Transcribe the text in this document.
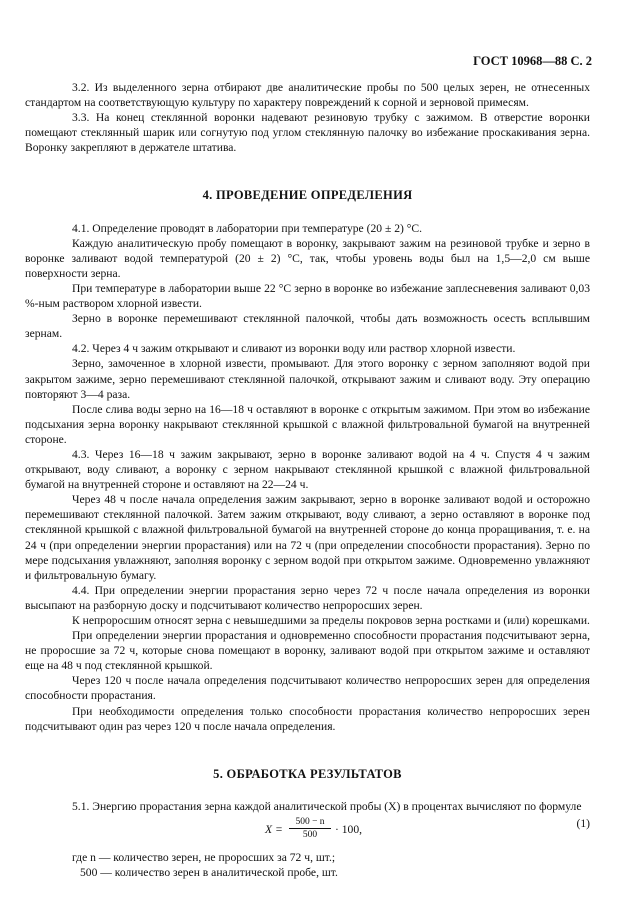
ГОСТ 10968—88 С. 2

3.2. Из выделенного зерна отбирают две аналитические пробы по 500 целых зерен, не отнесенных стандартом на соответствующую культуру по характеру повреждений к сорной и зерновой примесям.

3.3. На конец стеклянной воронки надевают резиновую трубку с зажимом. В отверстие воронки помещают стеклянный шарик или согнутую под углом стеклянную палочку во избежание проскакивания зерна. Воронку закрепляют в держателе штатива.

4. ПРОВЕДЕНИЕ ОПРЕДЕЛЕНИЯ

4.1. Определение проводят в лаборатории при температуре (20 ± 2) °С.

Каждую аналитическую пробу помещают в воронку, закрывают зажим на резиновой трубке и зерно в воронке заливают водой температурой (20 ± 2) °С, так, чтобы уровень воды был на 1,5—2,0 см выше поверхности зерна.

При температуре в лаборатории выше 22 °С зерно в воронке во избежание заплесневения заливают 0,03 %-ным раствором хлорной извести.

Зерно в воронке перемешивают стеклянной палочкой, чтобы дать возможность осесть всплывшим зернам.

4.2. Через 4 ч зажим открывают и сливают из воронки воду или раствор хлорной извести.

Зерно, замоченное в хлорной извести, промывают. Для этого воронку с зерном заполняют водой при закрытом зажиме, зерно перемешивают стеклянной палочкой, открывают зажим и сливают воду. Эту операцию повторяют 3—4 раза.

После слива воды зерно на 16—18 ч оставляют в воронке с открытым зажимом. При этом во избежание подсыхания зерна воронку накрывают стеклянной крышкой с влажной фильтровальной бумагой на внутренней стороне.

4.3. Через 16—18 ч зажим закрывают, зерно в воронке заливают водой на 4 ч. Спустя 4 ч зажим открывают, воду сливают, а воронку с зерном накрывают стеклянной крышкой с влажной фильтровальной бумагой на внутренней стороне и оставляют на 22—24 ч.

Через 48 ч после начала определения зажим закрывают, зерно в воронке заливают водой и осторожно перемешивают стеклянной палочкой. Затем зажим открывают, воду сливают, а зерно оставляют в воронке под стеклянной крышкой с влажной фильтровальной бумагой на внутренней стороне до конца проращивания, т. е. на 24 ч (при определении энергии прорастания) или на 72 ч (при определении способности прорастания). Зерно по мере подсыхания увлажняют, заполняя воронку с зерном водой при открытом зажиме. Одновременно увлажняют и фильтровальную бумагу.

4.4. При определении энергии прорастания зерно через 72 ч после начала определения из воронки высыпают на разборную доску и подсчитывают количество непроросших зерен.

К непроросшим относят зерна с невышедшими за пределы покровов зерна ростками и (или) корешками.

При определении энергии прорастания и одновременно способности прорастания подсчитывают зерна, не проросшие за 72 ч, которые снова помещают в воронку, заливают водой при открытом зажиме и оставляют еще на 48 ч под стеклянной крышкой.

Через 120 ч после начала определения подсчитывают количество непроросших зерен для определения способности прорастания.

При необходимости определения только способности прорастания количество непроросших зерен подсчитывают один раз через 120 ч после начала определения.

5. ОБРАБОТКА РЕЗУЛЬТАТОВ

5.1. Энергию прорастания зерна каждой аналитической пробы (X) в процентах вычисляют по формуле

$X = \frac{500 - n}{500} \cdot 100$,	(1)

где n — количество зерен, не проросших за 72 ч, шт.;

500 — количество зерен в аналитической пробе, шт.
